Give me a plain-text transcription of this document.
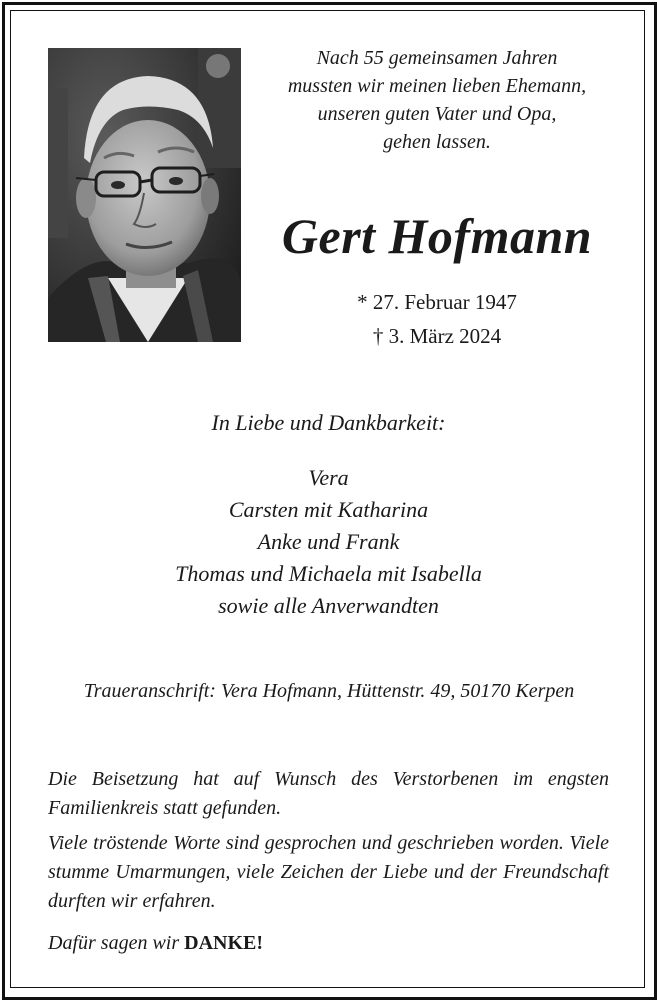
Nach 55 gemeinsamen Jahren
mussten wir meinen lieben Ehemann,
unseren guten Vater und Opa,
gehen lassen.
Gert Hofmann
* 27. Februar 1947
† 3. März 2024
In Liebe und Dankbarkeit:
Vera
Carsten mit Katharina
Anke und Frank
Thomas und Michaela mit Isabella
sowie alle Anverwandten
Traueranschrift: Vera Hofmann, Hüttenstr. 49, 50170 Kerpen
Die Beisetzung hat auf Wunsch des Verstorbenen im engsten Familienkreis statt gefunden.
Viele tröstende Worte sind gesprochen und geschrieben worden. Viele stumme Umarmungen, viele Zeichen der Liebe und der Freundschaft durften wir erfahren.
Dafür sagen wir DANKE!
